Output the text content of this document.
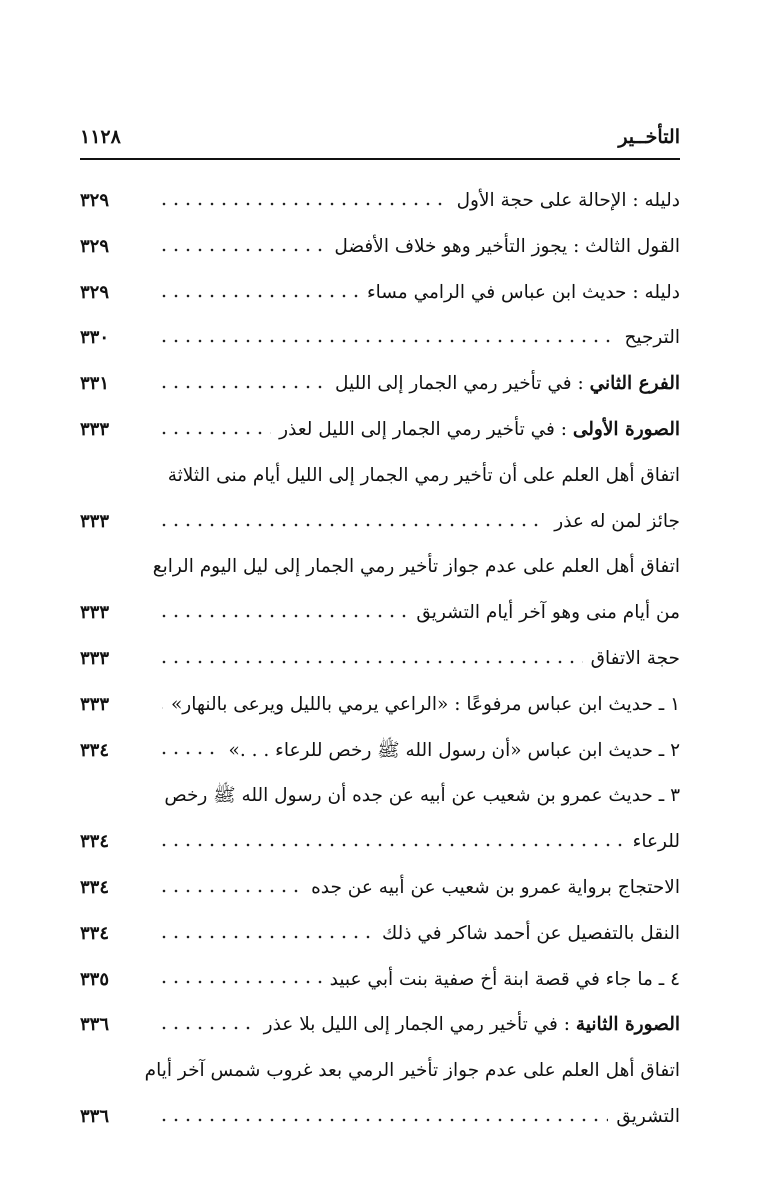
التأخــير
١١٢٨
دليله : الإحالة على حجة الأول
٣٢٩
القول الثالث : يجوز التأخير وهو خلاف الأفضل
٣٢٩
دليله : حديث ابن عباس في الرامي مساء
٣٢٩
الترجيح
٣٣٠
الفرع الثاني : في تأخير رمي الجمار إلى الليل
٣٣١
الصورة الأولى : في تأخير رمي الجمار إلى الليل لعذر
٣٣٣
اتفاق أهل العلم على أن تأخير رمي الجمار إلى الليل أيام منى الثلاثة
جائز لمن له عذر
٣٣٣
اتفاق أهل العلم على عدم جواز تأخير رمي الجمار إلى ليل اليوم الرابع
من أيام منى وهو آخر أيام التشريق
٣٣٣
حجة الاتفاق
٣٣٣
١ ـ حديث ابن عباس مرفوعًا : «الراعي يرمي بالليل ويرعى بالنهار»
٣٣٣
٢ ـ حديث ابن عباس «أن رسول الله ﷺ رخص للرعاء . . .»
٣٣٤
٣ ـ حديث عمرو بن شعيب عن أبيه عن جده أن رسول الله ﷺ رخص
للرعاء
٣٣٤
الاحتجاج برواية عمرو بن شعيب عن أبيه عن جده
٣٣٤
النقل بالتفصيل عن أحمد شاكر في ذلك
٣٣٤
٤ ـ ما جاء في قصة ابنة أخ صفية بنت أبي عبيد
٣٣٥
الصورة الثانية : في تأخير رمي الجمار إلى الليل بلا عذر
٣٣٦
اتفاق أهل العلم على عدم جواز تأخير الرمي بعد غروب شمس آخر أيام
التشريق
٣٣٦
